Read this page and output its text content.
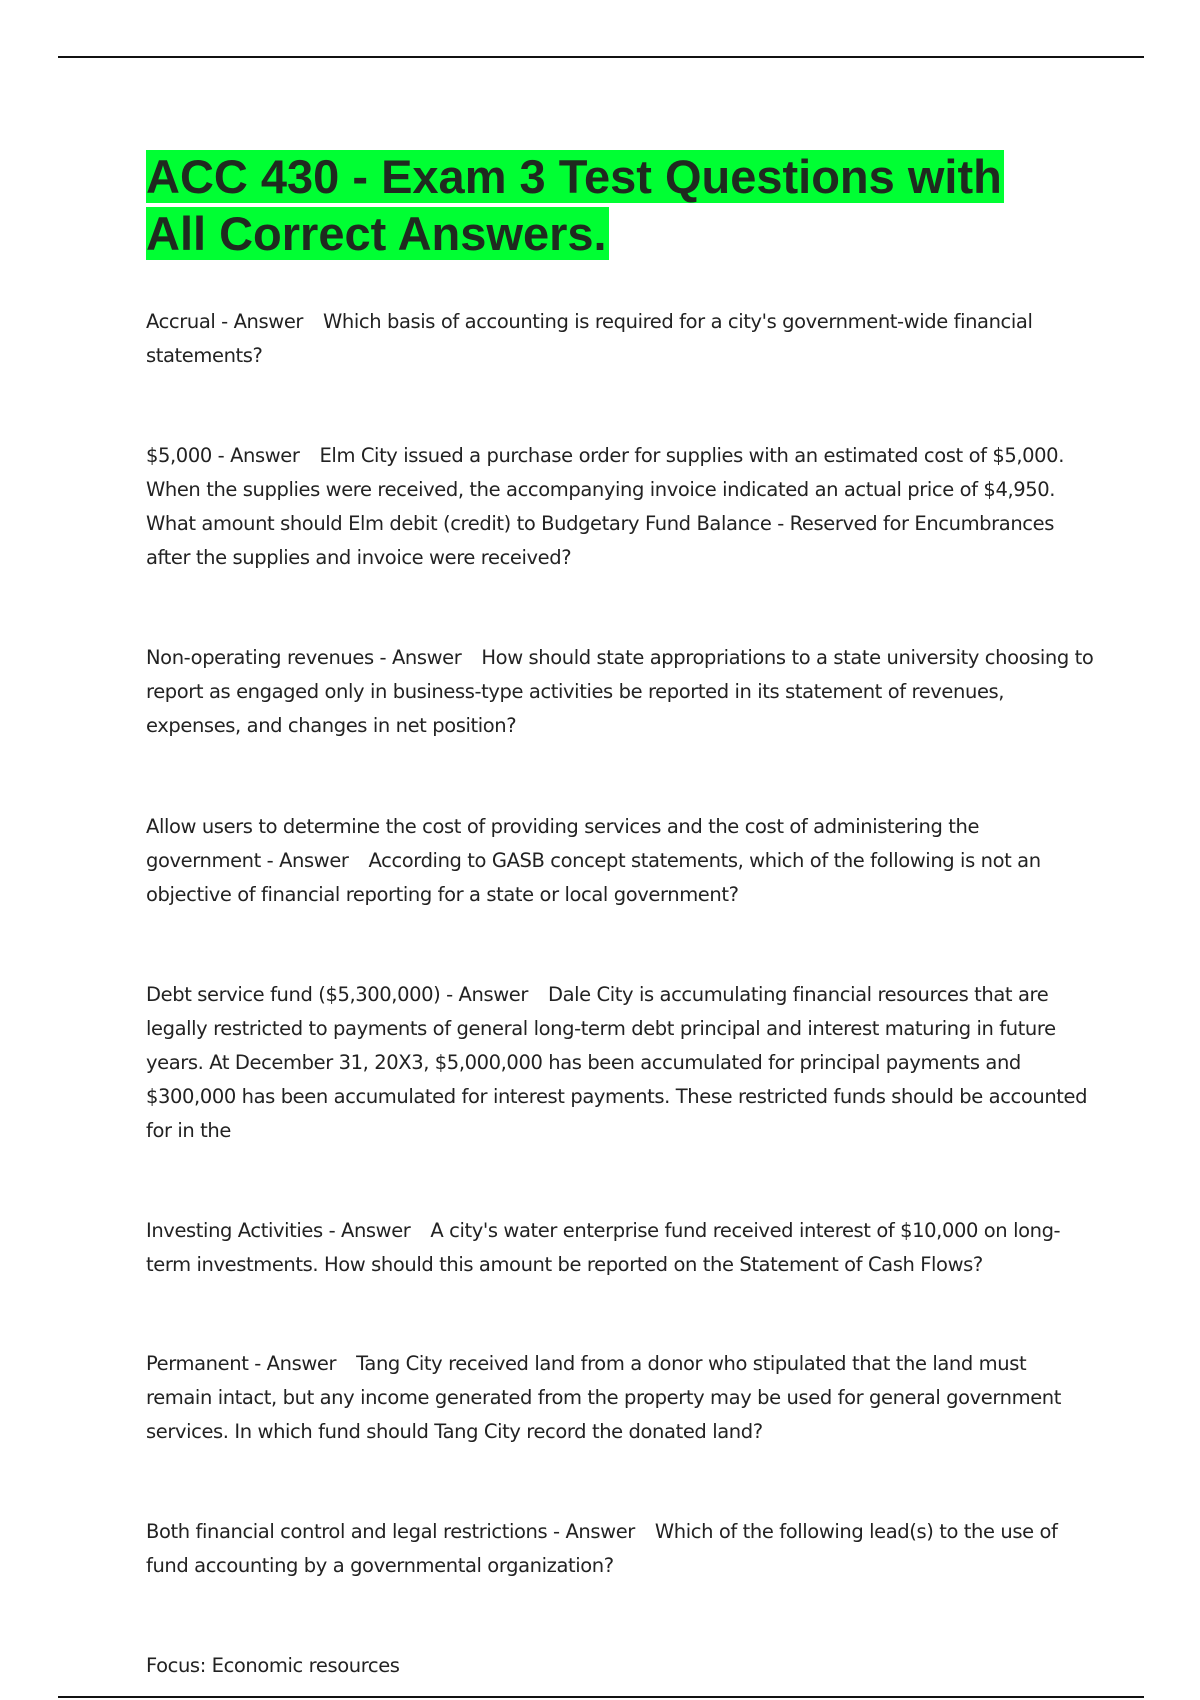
ACC 430 - Exam 3 Test Questions with All Correct Answers.

Accrual - Answer Which basis of accounting is required for a city's government-wide financial statements?

$5,000 - Answer Elm City issued a purchase order for supplies with an estimated cost of $5,000. When the supplies were received, the accompanying invoice indicated an actual price of $4,950. What amount should Elm debit (credit) to Budgetary Fund Balance - Reserved for Encumbrances after the supplies and invoice were received?

Non-operating revenues - Answer How should state appropriations to a state university choosing to report as engaged only in business-type activities be reported in its statement of revenues, expenses, and changes in net position?

Allow users to determine the cost of providing services and the cost of administering the government - Answer According to GASB concept statements, which of the following is not an objective of financial reporting for a state or local government?

Debt service fund ($5,300,000) - Answer Dale City is accumulating financial resources that are legally restricted to payments of general long-term debt principal and interest maturing in future years. At December 31, 20X3, $5,000,000 has been accumulated for principal payments and $300,000 has been accumulated for interest payments. These restricted funds should be accounted for in the

Investing Activities - Answer A city's water enterprise fund received interest of $10,000 on long-term investments. How should this amount be reported on the Statement of Cash Flows?

Permanent - Answer Tang City received land from a donor who stipulated that the land must remain intact, but any income generated from the property may be used for general government services. In which fund should Tang City record the donated land?

Both financial control and legal restrictions - Answer Which of the following lead(s) to the use of fund accounting by a governmental organization?

Focus: Economic resources
